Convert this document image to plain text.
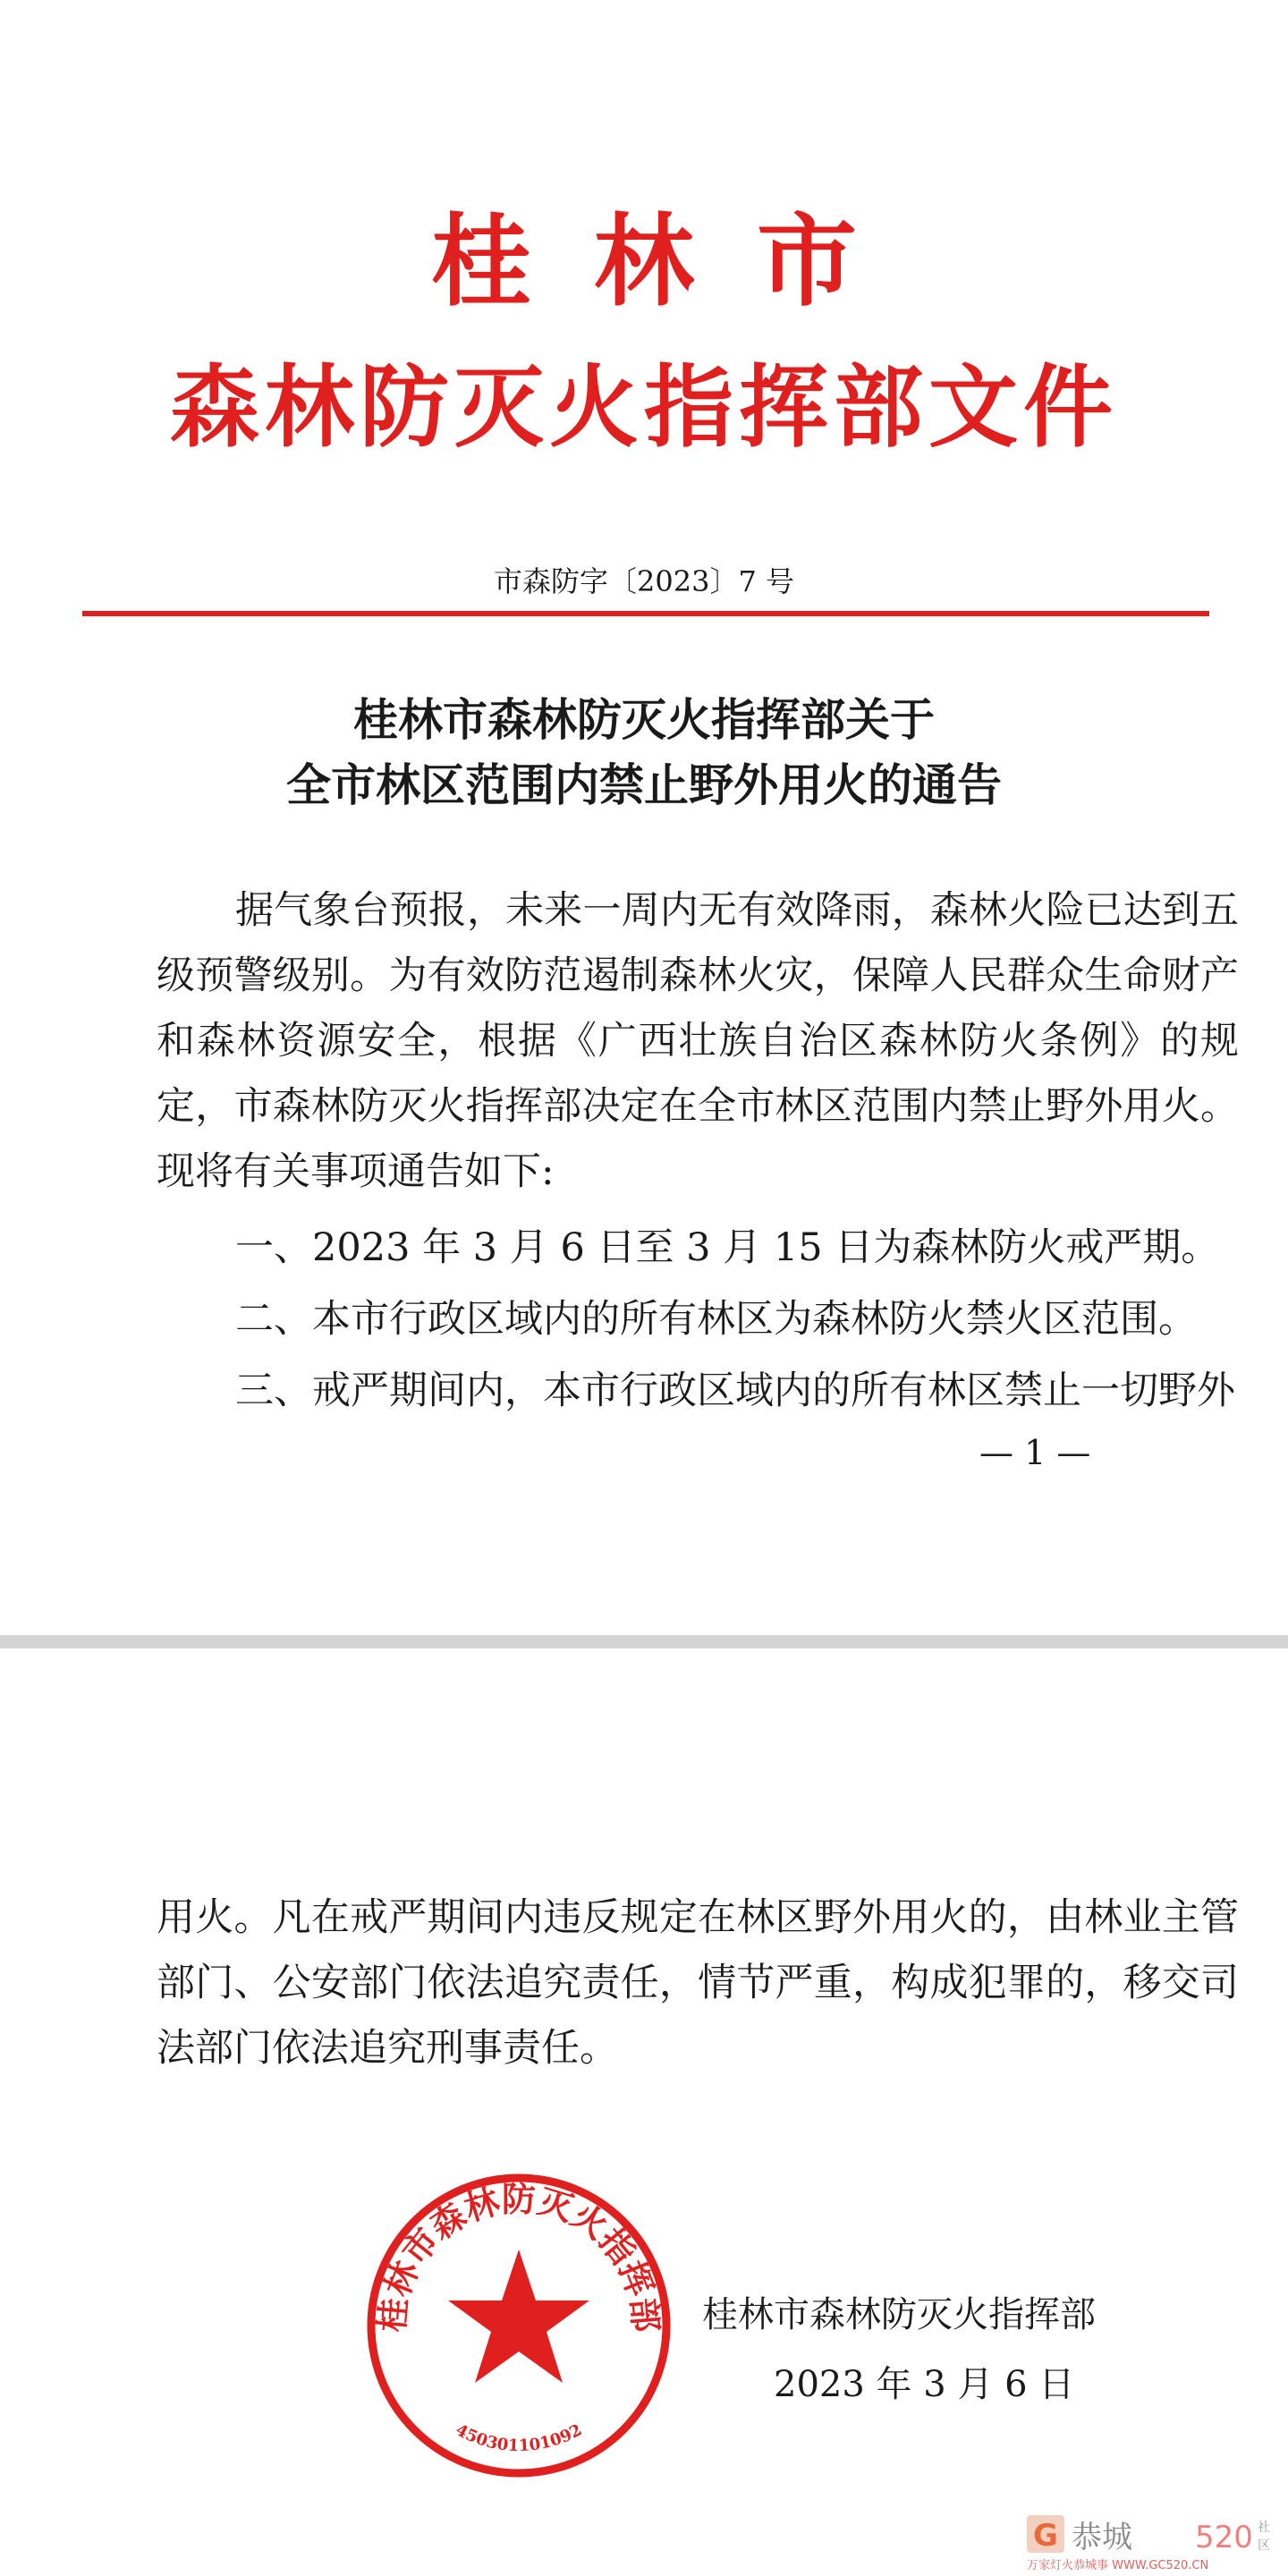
桂林市
森林防灭火指挥部文件
市森防字〔2023〕7 号
桂林市森林防灭火指挥部关于
全市林区范围内禁止野外用火的通告
据气象台预报，未来一周内无有效降雨，森林火险已达到五级预警级别。为有效防范遏制森林火灾，保障人民群众生命财产和森林资源安全，根据《广西壮族自治区森林防火条例》的规定，市森林防灭火指挥部决定在全市林区范围内禁止野外用火。现将有关事项通告如下:
一、2023 年 3 月 6 日至 3 月 15 日为森林防火戒严期。
二、本市行政区域内的所有林区为森林防火禁火区范围。
三、戒严期间内，本市行政区域内的所有林区禁止一切野外
— 1 —
用火。凡在戒严期间内违反规定在林区野外用火的，由林业主管部门、公安部门依法追究责任，情节严重，构成犯罪的，移交司法部门依法追究刑事责任。
桂林市森林防灭火指挥部
450301101092
桂林市森林防灭火指挥部
2023 年 3 月 6 日
G 恭城 520 社
区
万家灯火恭城事 WWW.GC520.CN
